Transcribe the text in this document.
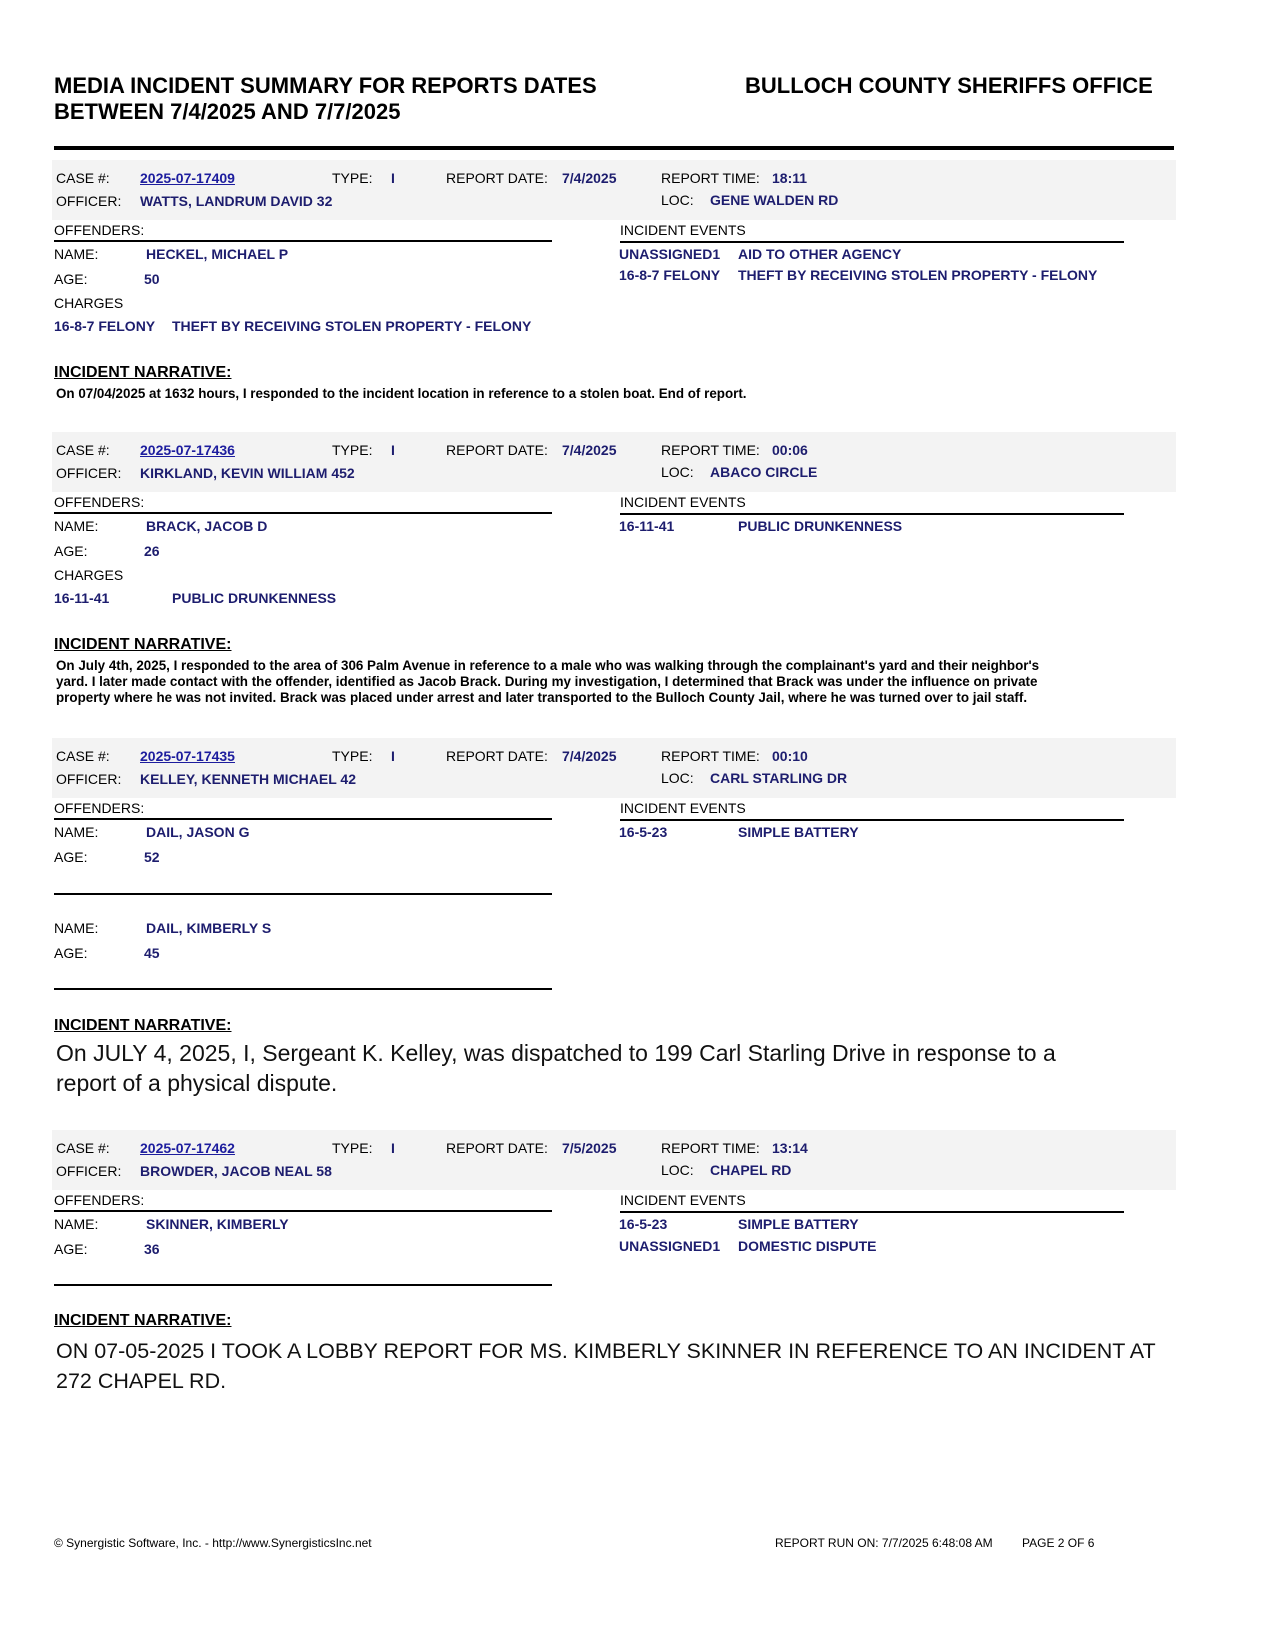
MEDIA INCIDENT SUMMARY FOR REPORTS DATES
BETWEEN 7/4/2025 AND 7/7/2025
BULLOCH COUNTY SHERIFFS OFFICE
CASE #: 2025-07-17409	TYPE: I	REPORT DATE: 7/4/2025	REPORT TIME: 18:11
OFFICER: WATTS, LANDRUM DAVID 32	LOC: GENE WALDEN RD
OFFENDERS:	INCIDENT EVENTS
NAME:	HECKEL, MICHAEL P
AGE:	50
CHARGES
16-8-7 FELONY THEFT BY RECEIVING STOLEN PROPERTY - FELONY
UNASSIGNED1 AID TO OTHER AGENCY
16-8-7 FELONY THEFT BY RECEIVING STOLEN PROPERTY - FELONY
INCIDENT NARRATIVE:
On 07/04/2025 at 1632 hours, I responded to the incident location in reference to a stolen boat. End of report.
CASE #: 2025-07-17436	TYPE: I	REPORT DATE: 7/4/2025	REPORT TIME: 00:06
OFFICER: KIRKLAND, KEVIN WILLIAM 452	LOC: ABACO CIRCLE
OFFENDERS:	INCIDENT EVENTS
NAME:	BRACK, JACOB D
AGE:	26
CHARGES
16-11-41	PUBLIC DRUNKENNESS
16-11-41	PUBLIC DRUNKENNESS
INCIDENT NARRATIVE:
On July 4th, 2025, I responded to the area of 306 Palm Avenue in reference to a male who was walking through the complainant's yard and their neighbor's
yard. I later made contact with the offender, identified as Jacob Brack. During my investigation, I determined that Brack was under the influence on private
property where he was not invited. Brack was placed under arrest and later transported to the Bulloch County Jail, where he was turned over to jail staff.
CASE #: 2025-07-17435	TYPE: I	REPORT DATE: 7/4/2025	REPORT TIME: 00:10
OFFICER: KELLEY, KENNETH MICHAEL 42	LOC: CARL STARLING DR
OFFENDERS:	INCIDENT EVENTS
NAME:	DAIL, JASON G
AGE:	52
NAME:	DAIL, KIMBERLY S
AGE:	45
16-5-23	SIMPLE BATTERY
INCIDENT NARRATIVE:
On JULY 4, 2025, I, Sergeant K. Kelley, was dispatched to 199 Carl Starling Drive in response to a
report of a physical dispute.
CASE #: 2025-07-17462	TYPE: I	REPORT DATE: 7/5/2025	REPORT TIME: 13:14
OFFICER: BROWDER, JACOB NEAL 58	LOC: CHAPEL RD
OFFENDERS:	INCIDENT EVENTS
NAME:	SKINNER, KIMBERLY
AGE:	36
16-5-23	SIMPLE BATTERY
UNASSIGNED1 DOMESTIC DISPUTE
INCIDENT NARRATIVE:
ON 07-05-2025 I TOOK A LOBBY REPORT FOR MS. KIMBERLY SKINNER IN REFERENCE TO AN INCIDENT AT
272 CHAPEL RD.
© Synergistic Software, Inc. - http://www.SynergisticsInc.net	REPORT RUN ON: 7/7/2025 6:48:08 AM PAGE 2 OF 6
